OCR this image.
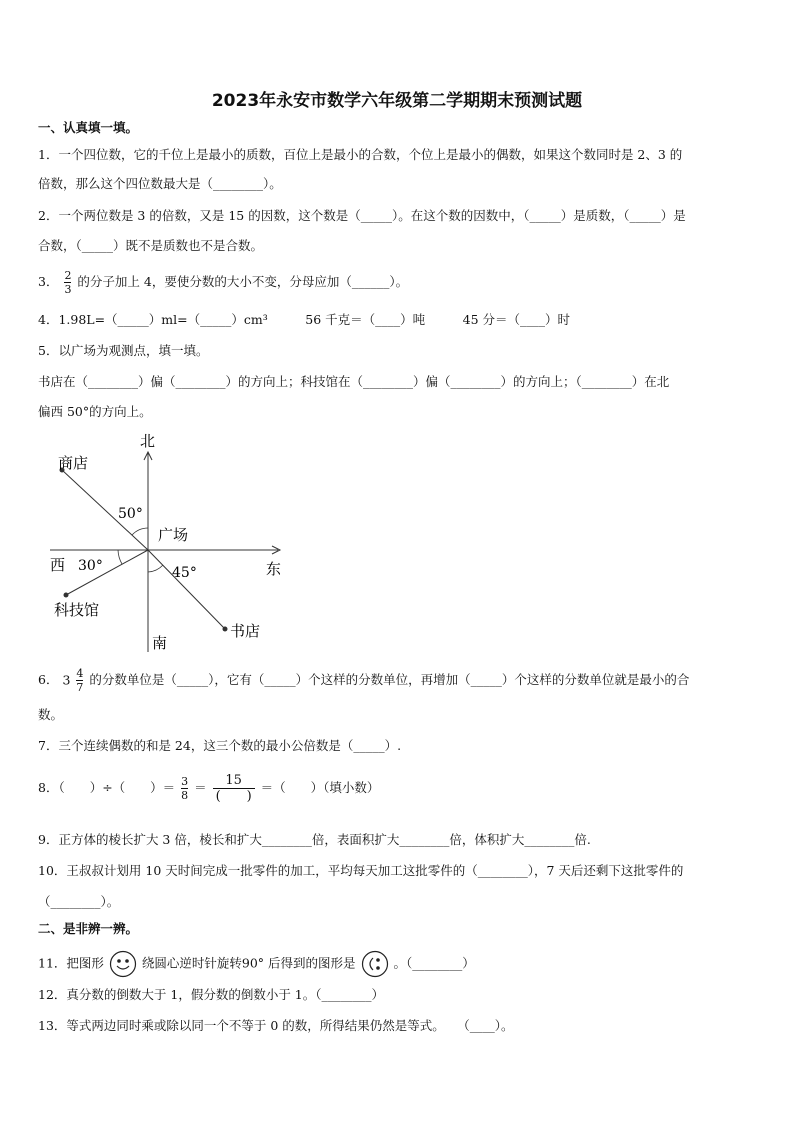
2023年永安市数学六年级第二学期期末预测试题
一、认真填一填。
1．一个四位数，它的千位上是最小的质数，百位上是最小的合数，个位上是最小的偶数，如果这个数同时是 2、3 的
倍数，那么这个四位数最大是（________）。
2．一个两位数是 3 的倍数，又是 15 的因数，这个数是（_____）。在这个数的因数中，（_____）是质数，（_____）是
合数，（_____）既不是质数也不是合数。
3． $\frac{2}{3}$ 的分子加上 4，要使分数的大小不变，分母应加（______）。
4．1.98L=（_____）ml=（_____）cm³　　　56 千克＝（____）吨　　　45 分＝（____）时
5．以广场为观测点，填一填。
书店在（________）偏（________）的方向上；科技馆在（________）偏（________）的方向上；（________）在北
偏西 50°的方向上。
北
南
东
西
商店
广场
科技馆
书店
50°
30°	45°
6． $3 \frac{4}{7}$ 的分数单位是（_____），它有（_____）个这样的分数单位，再增加（_____）个这样的分数单位就是最小的合
数。
7．三个连续偶数的和是 24，这三个数的最小公倍数是（_____）.
8．（　　）÷（　　）＝ $\frac{3}{8} = \frac{15}{( )}$ ＝（　　）（填小数）
9．正方体的棱长扩大 3 倍，棱长和扩大________倍，表面积扩大________倍，体积扩大________倍.
10．王叔叔计划用 10 天时间完成一批零件的加工，平均每天加工这批零件的（________），7 天后还剩下这批零件的
（________）。
二、是非辨一辨。
11．把图形	绕圆心逆时针旋转90° 后得到的图形是	。（________）
12．真分数的倒数大于 1，假分数的倒数小于 1。（________）
13．等式两边同时乘或除以同一个不等于 0 的数，所得结果仍然是等式。　　（____）。
